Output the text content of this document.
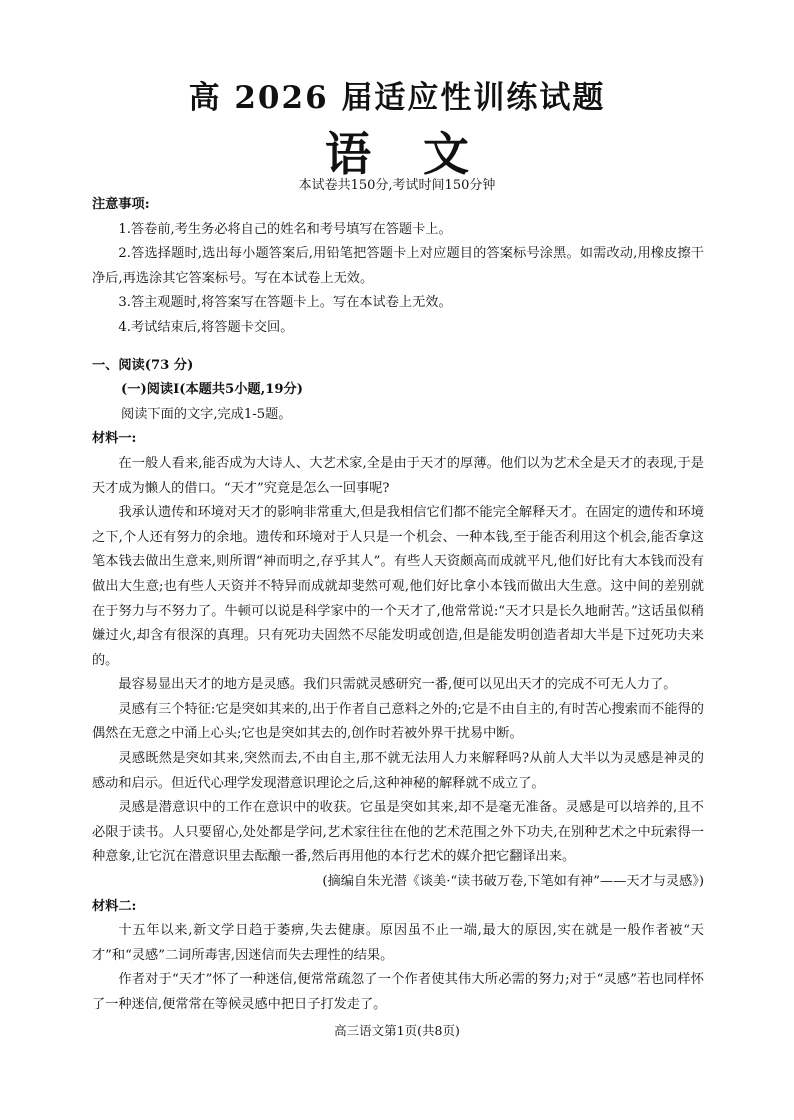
高 2026 届适应性训练试题
语文
本试卷共150分,考试时间150分钟

注意事项:

1.答卷前,考生务必将自己的姓名和考号填写在答题卡上。

2.答选择题时,选出每小题答案后,用铅笔把答题卡上对应题目的答案标号涂黑。如需改动,用橡皮擦干净后,再选涂其它答案标号。写在本试卷上无效。

3.答主观题时,将答案写在答题卡上。写在本试卷上无效。

4.考试结束后,将答题卡交回。

一、阅读(73 分)

(一)阅读Ⅰ(本题共5小题,19分)

阅读下面的文字,完成1-5题。

材料一:

在一般人看来,能否成为大诗人、大艺术家,全是由于天才的厚薄。他们以为艺术全是天才的表现,于是天才成为懒人的借口。“天才”究竟是怎么一回事呢?

我承认遗传和环境对天才的影响非常重大,但是我相信它们都不能完全解释天才。在固定的遗传和环境之下,个人还有努力的余地。遗传和环境对于人只是一个机会、一种本钱,至于能否利用这个机会,能否拿这笔本钱去做出生意来,则所谓“神而明之,存乎其人”。有些人天资颇高而成就平凡,他们好比有大本钱而没有做出大生意;也有些人天资并不特异而成就却斐然可观,他们好比拿小本钱而做出大生意。这中间的差别就在于努力与不努力了。牛顿可以说是科学家中的一个天才了,他常常说:“天才只是长久地耐苦。”这话虽似稍嫌过火,却含有很深的真理。只有死功夫固然不尽能发明或创造,但是能发明创造者却大半是下过死功夫来的。

最容易显出天才的地方是灵感。我们只需就灵感研究一番,便可以见出天才的完成不可无人力了。

灵感有三个特征:它是突如其来的,出于作者自己意料之外的;它是不由自主的,有时苦心搜索而不能得的偶然在无意之中涌上心头;它也是突如其去的,创作时若被外界干扰易中断。

灵感既然是突如其来,突然而去,不由自主,那不就无法用人力来解释吗?从前人大半以为灵感是神灵的感动和启示。但近代心理学发现潜意识理论之后,这种神秘的解释就不成立了。

灵感是潜意识中的工作在意识中的收获。它虽是突如其来,却不是毫无准备。灵感是可以培养的,且不必限于读书。人只要留心,处处都是学问,艺术家往往在他的艺术范围之外下功夫,在别种艺术之中玩索得一种意象,让它沉在潜意识里去酝酿一番,然后再用他的本行艺术的媒介把它翻译出来。

(摘编自朱光潜《谈美·“读书破万卷,下笔如有神”——天才与灵感》)

材料二:

十五年以来,新文学日趋于萎痹,失去健康。原因虽不止一端,最大的原因,实在就是一般作者被“天才”和“灵感”二词所毒害,因迷信而失去理性的结果。

作者对于“天才”怀了一种迷信,便常常疏忽了一个作者使其伟大所必需的努力;对于“灵感”若也同样怀了一种迷信,便常常在等候灵感中把日子打发走了。

高三语文第1页(共8页)
